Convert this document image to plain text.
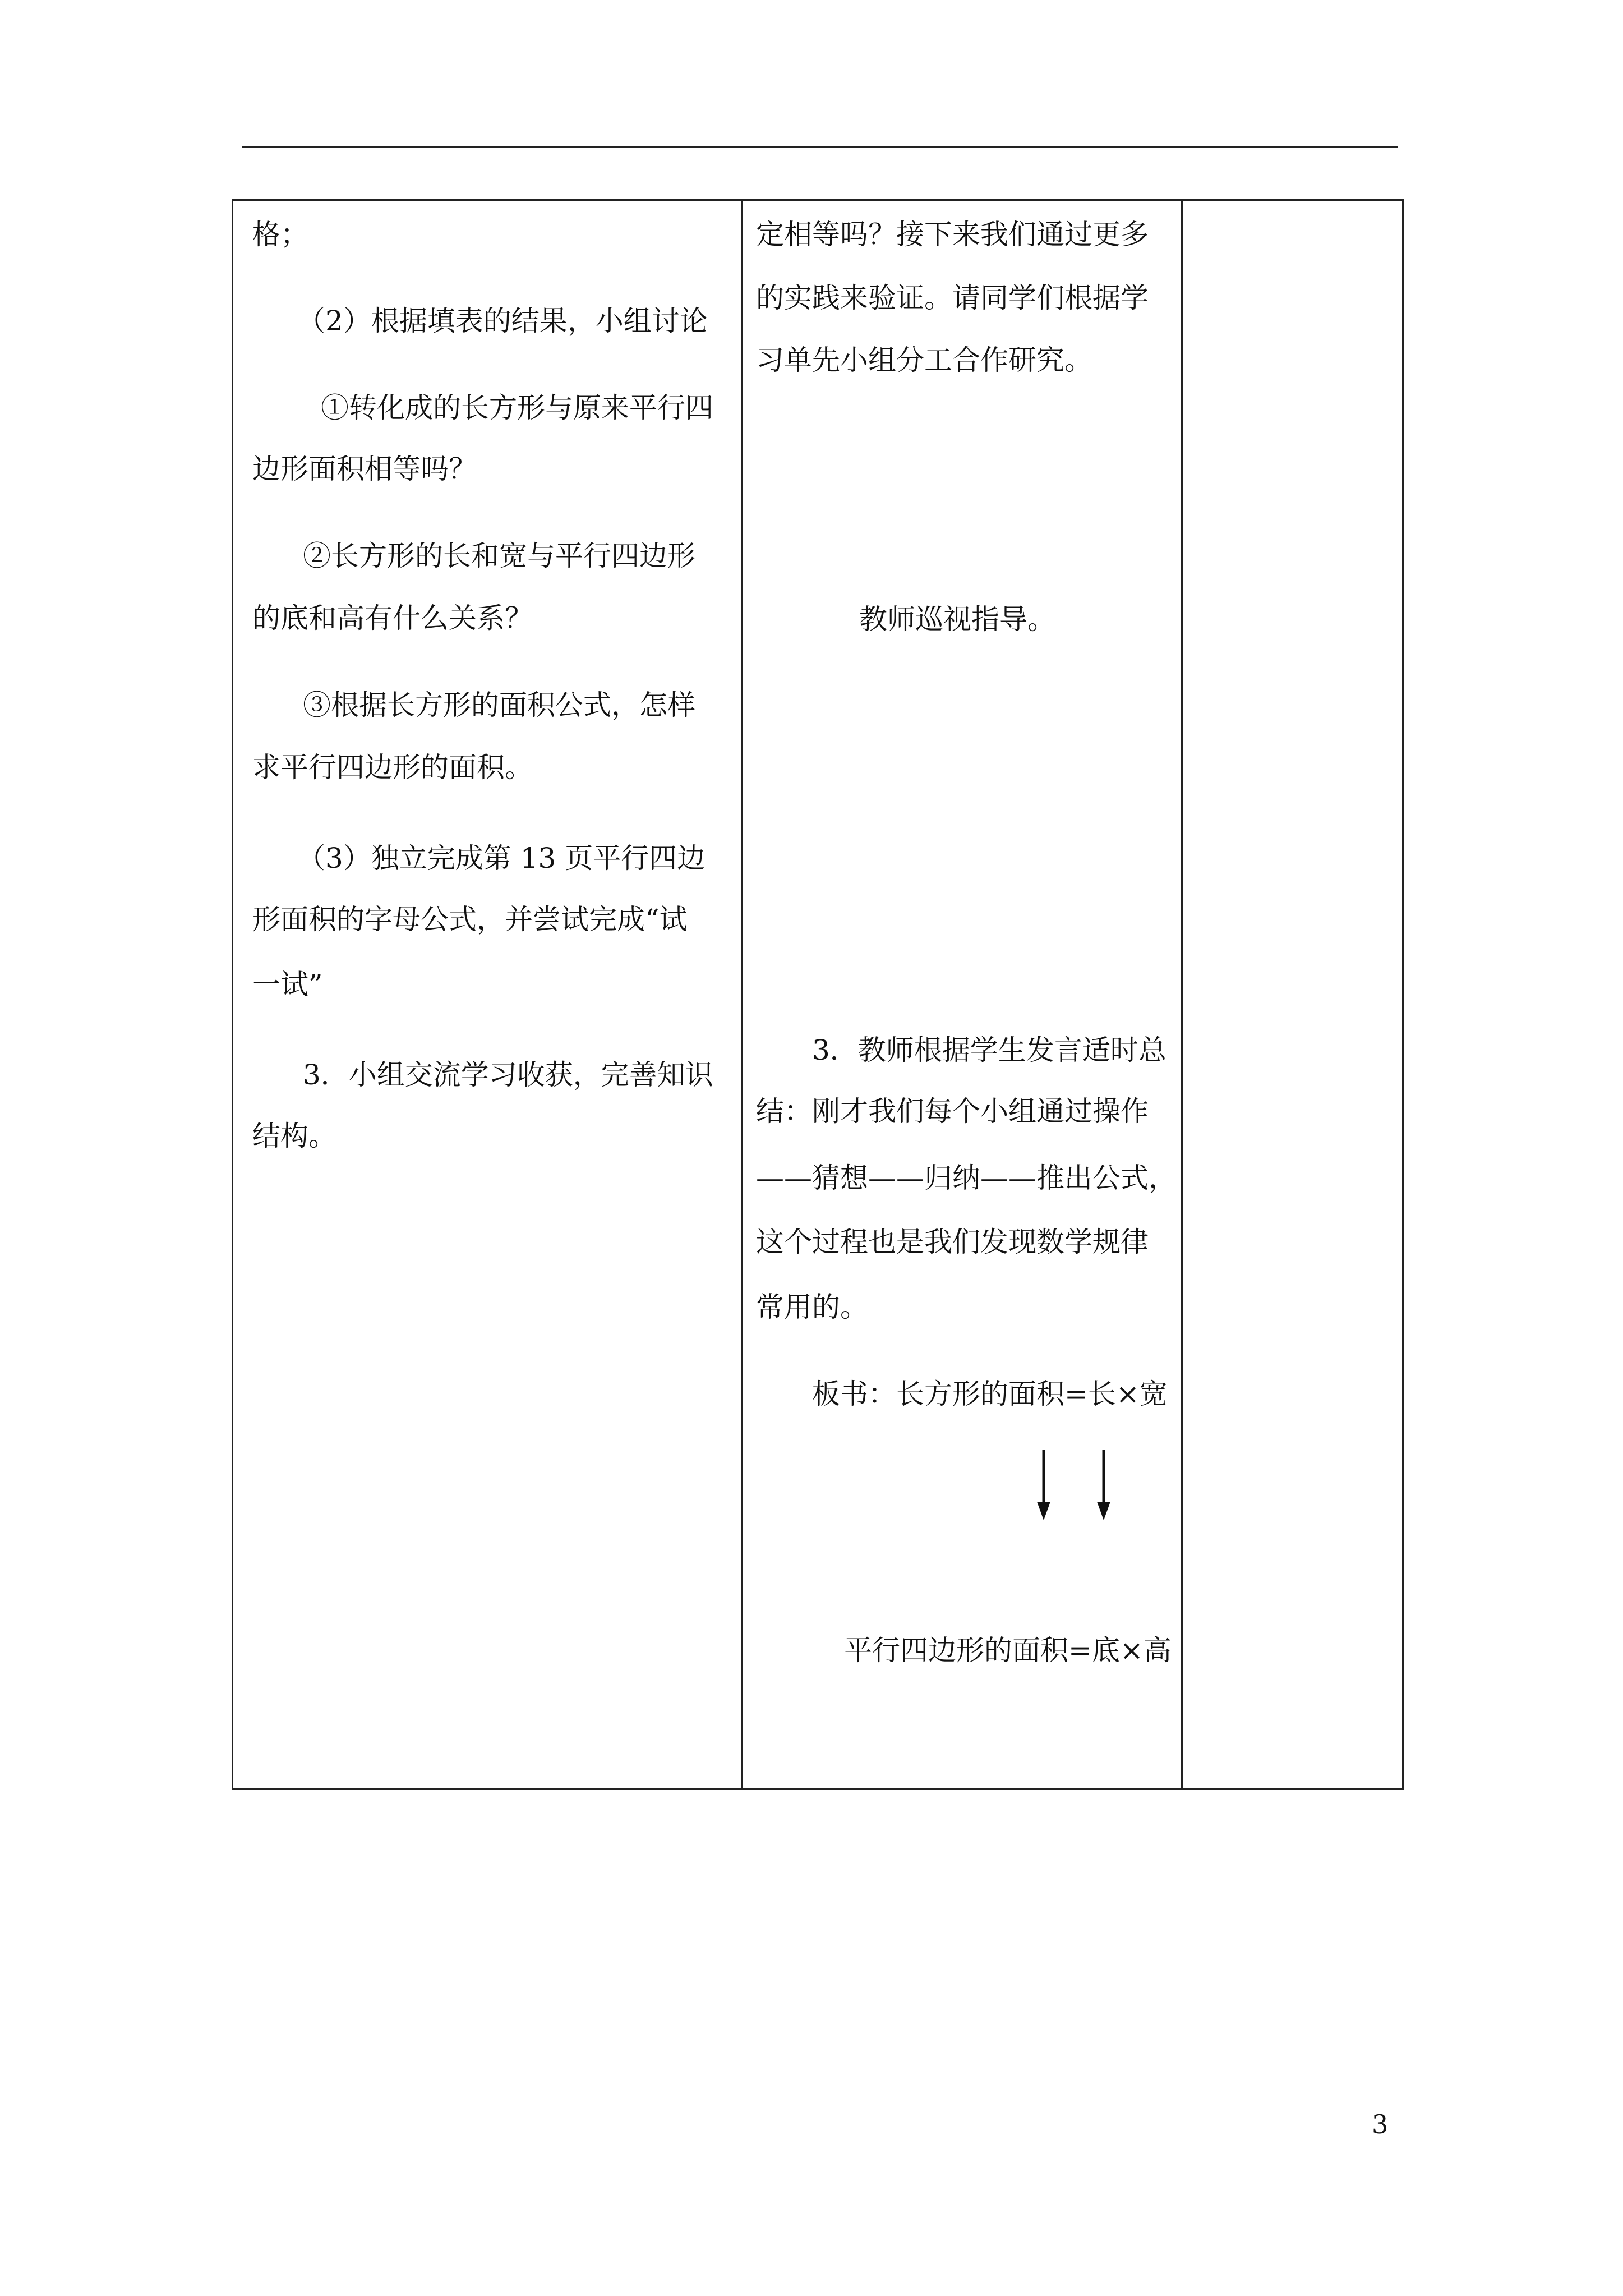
格；

（2）根据填表的结果，小组讨论

①转化成的长方形与原来平行四

边形面积相等吗？

②长方形的长和宽与平行四边形

的底和高有什么关系？

③根据长方形的面积公式，怎样

求平行四边形的面积。

（3）独立完成第 13 页平行四边

形面积的字母公式，并尝试完成“试

一试”

3．小组交流学习收获，完善知识

结构。

定相等吗？接下来我们通过更多

的实践来验证。请同学们根据学

习单先小组分工合作研究。

教师巡视指导。

3．教师根据学生发言适时总

结：刚才我们每个小组通过操作

——猜想——归纳——推出公式，

这个过程也是我们发现数学规律

常用的。

板书：长方形的面积=长×宽

平行四边形的面积=底×高

3
